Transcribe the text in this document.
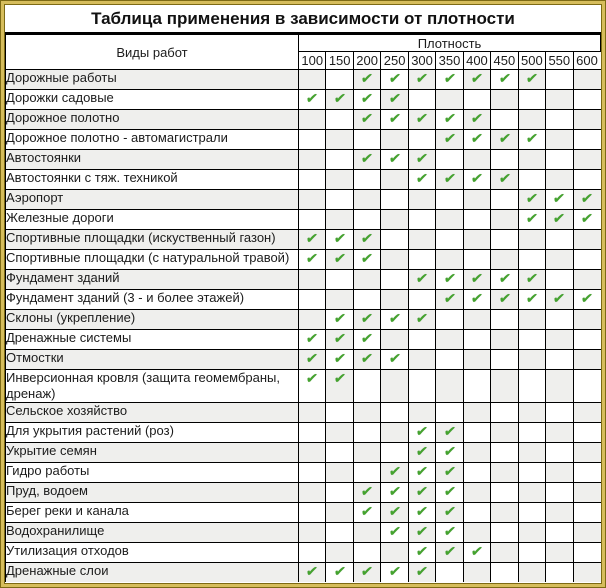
Таблица применения в зависимости от плотности
Виды работ	Плотность										
	100	150	200	250	300	350	400	450	500	550	600
Дорожные работы			✔	✔	✔	✔	✔	✔	✔		
Дорожки садовые	✔	✔	✔	✔							
Дорожное полотно			✔	✔	✔	✔	✔				
Дорожное полотно - автомагистрали						✔	✔	✔	✔		
Автостоянки			✔	✔	✔						
Автостоянки с тяж. техникой					✔	✔	✔	✔			
Аэропорт									✔	✔	✔
Железные дороги									✔	✔	✔
Спортивные площадки (искуственный газон)	✔	✔	✔								
Спортивные площадки (с натуральной травой)	✔	✔	✔								
Фундамент зданий					✔	✔	✔	✔	✔		
Фундамент зданий (3 - и более этажей)						✔	✔	✔	✔	✔	✔
Склоны (укрепление)		✔	✔	✔	✔						
Дренажные системы	✔	✔	✔								
Отмостки	✔	✔	✔	✔							
Инверсионная кровля (защита геомембраны, дренаж)	✔	✔									
Сельское хозяйство											
Для укрытия растений (роз)					✔	✔					
Укрытие семян					✔	✔					
Гидро работы				✔	✔	✔					
Пруд, водоем			✔	✔	✔	✔					
Берег реки и канала			✔	✔	✔	✔					
Водохранилище				✔	✔	✔					
Утилизация отходов					✔	✔	✔				
Дренажные слои	✔	✔	✔	✔	✔						
